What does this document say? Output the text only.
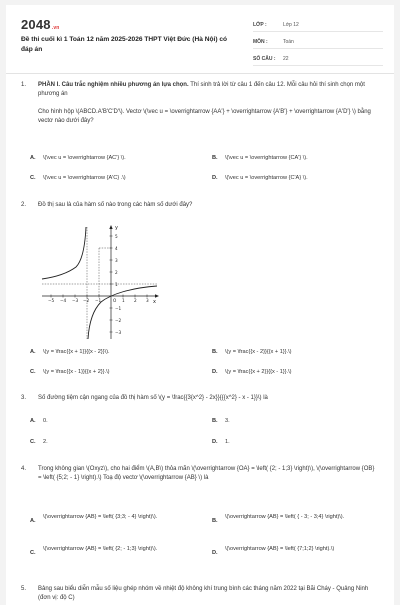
2048.vn
Đề thi cuối kì 1 Toán 12 năm 2025-2026 THPT Việt Đức (Hà Nội) có đáp án
LỚP :	Lớp 12
MÔN :	Toán
SỐ CÂU :	22
1. PHẦN I. Câu trắc nghiệm nhiều phương án lựa chọn. Thí sinh trả lời từ câu 1 đến câu 12. Mỗi câu hỏi thí sinh chọn một phương án
Cho hình hộp \(ABCD.A'B'C'D'\). Vectơ \(\vec u = \overrightarrow {AA'} + \overrightarrow {A'B'} + \overrightarrow {A'D'} \) bằng vectơ nào dưới đây?
A. \(\vec u = \overrightarrow {AC'} \).	B. \(\vec u = \overrightarrow {CA'} \).
C. \(\vec u = \overrightarrow {A'C} .\)	D. \(\vec u = \overrightarrow {C'A} \).
2. Đồ thị sau là của hàm số nào trong các hàm số dưới đây?
y
x
5
4
3
2
1
−1
−2
−3
−5 −4 −3 −2 −1	O 1 2 3
A. \(y = \frac{{x + 1}}{{x - 2}}\).	B. \(y = \frac{{x - 2}}{{x + 1}}.\)
C. \(y = \frac{{x - 1}}{{x + 2}}.\)	D. \(y = \frac{{x + 2}}{{x - 1}}.\)
3. Số đường tiệm cận ngang của đồ thị hàm số \(y = \frac{{3{x^2} - 2x}}{{{x^2} - x - 1}}\) là
A. 0.	B. 3.
C. 2.	D. 1.
4. Trong không gian \(Oxyz\), cho hai điểm \(A,B\) thỏa mãn \(\overrightarrow {OA} = \left( {2; - 1;3} \right)\), \(\overrightarrow {OB} = \left( {5;2; - 1} \right).\) Toạ độ vectơ \(\overrightarrow {AB} \) là
A.
\(\overrightarrow {AB} = \left( {3;3; - 4} \right)\).
B.
\(\overrightarrow {AB} = \left( { - 3; - 3;4} \right)\).
C.
\(\overrightarrow {AB} = \left( {2; - 1;3} \right)\).
D.
\(\overrightarrow {AB} = \left( {7;1;2} \right).\)
5. Bảng sau biểu diễn mẫu số liệu ghép nhóm về nhiệt độ không khí trung bình các tháng năm 2022 tại Bãi Cháy - Quảng Ninh (đơn vị: độ C)
